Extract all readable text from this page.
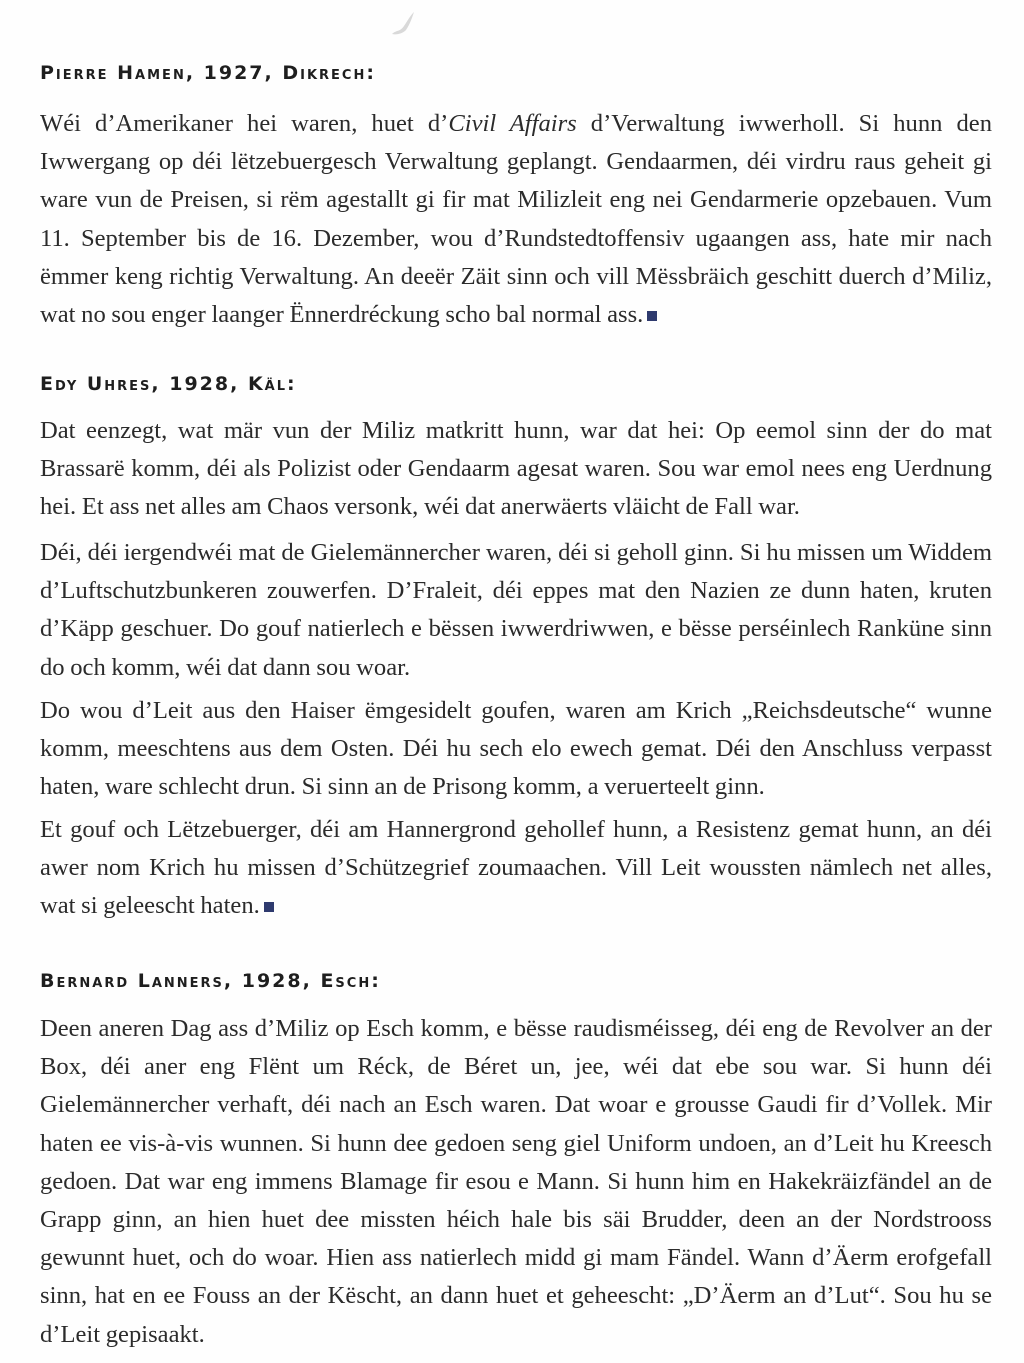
Pierre Hamen, 1927, Dikrech:

Wéi d’Amerikaner hei waren, huet d’Civil Affairs d’Verwaltung iwwerholl. Si hunn den Iwwergang op déi lëtzebuergesch Verwaltung geplangt. Gendaarmen, déi virdru raus geheit gi ware vun de Preisen, si rëm agestallt gi fir mat Milizleit eng nei Gendarmerie opzebauen. Vum 11. September bis de 16. Dezember, wou d’Rundstedtoffensiv ugaangen ass, hate mir nach ëmmer keng richtig Verwaltung. An deeër Zäit sinn och vill Mëssbräich geschitt duerch d’Miliz, wat no sou enger laanger Ënnerdréckung scho bal normal ass.

Edy Uhres, 1928, Käl:

Dat eenzegt, wat mär vun der Miliz matkritt hunn, war dat hei: Op eemol sinn der do mat Brassarë komm, déi als Polizist oder Gendaarm agesat waren. Sou war emol nees eng Uerdnung hei. Et ass net alles am Chaos versonk, wéi dat anerwäerts vläicht de Fall war.

Déi, déi iergendwéi mat de Gielemännercher waren, déi si geholl ginn. Si hu missen um Widdem d’Luftschutzbunkeren zouwerfen. D’Fraleit, déi eppes mat den Nazien ze dunn haten, kruten d’Käpp geschuer. Do gouf natierlech e bëssen iwwerdriwwen, e bësse perséinlech Rankünе sinn do och komm, wéi dat dann sou woar.

Do wou d’Leit aus den Haiser ëmgesidelt goufen, waren am Krich „Reichsdeutsche“ wunne komm, meeschtens aus dem Osten. Déi hu sech elo ewech gemat. Déi den Anschluss verpasst haten, ware schlecht drun. Si sinn an de Prisong komm, a veruerteelt ginn.

Et gouf och Lëtzebuerger, déi am Hannergrond gehollef hunn, a Resistenz gemat hunn, an déi awer nom Krich hu missen d’Schützegrief zoumaachen. Vill Leit woussten nämlech net alles, wat si geleescht haten.

Bernard Lanners, 1928, Esch:

Deen aneren Dag ass d’Miliz op Esch komm, e bësse raudisméisseg, déi eng de Revolver an der Box, déi aner eng Flënt um Réck, de Béret un, jee, wéi dat ebe sou war. Si hunn déi Gielemännercher verhaft, déi nach an Esch waren. Dat woar e grousse Gaudi fir d’Vollek. Mir haten ee vis-à-vis wunnen. Si hunn dee gedoen seng giel Uniform undoen, an d’Leit hu Kreesch gedoen. Dat war eng immens Blamage fir esou e Mann. Si hunn him en Hakekräizfändel an de Grapp ginn, an hien huet dee missten héich hale bis säi Brudder, deen an der Nordstrooss gewunnt huet, och do woar. Hien ass natierlech midd gi mam Fändel. Wann d’Äerm erofgefall sinn, hat en ee Fouss an der Këscht, an dann huet et geheescht: „D’Äerm an d’Lut“. Sou hu se d’Leit gepisaakt.
